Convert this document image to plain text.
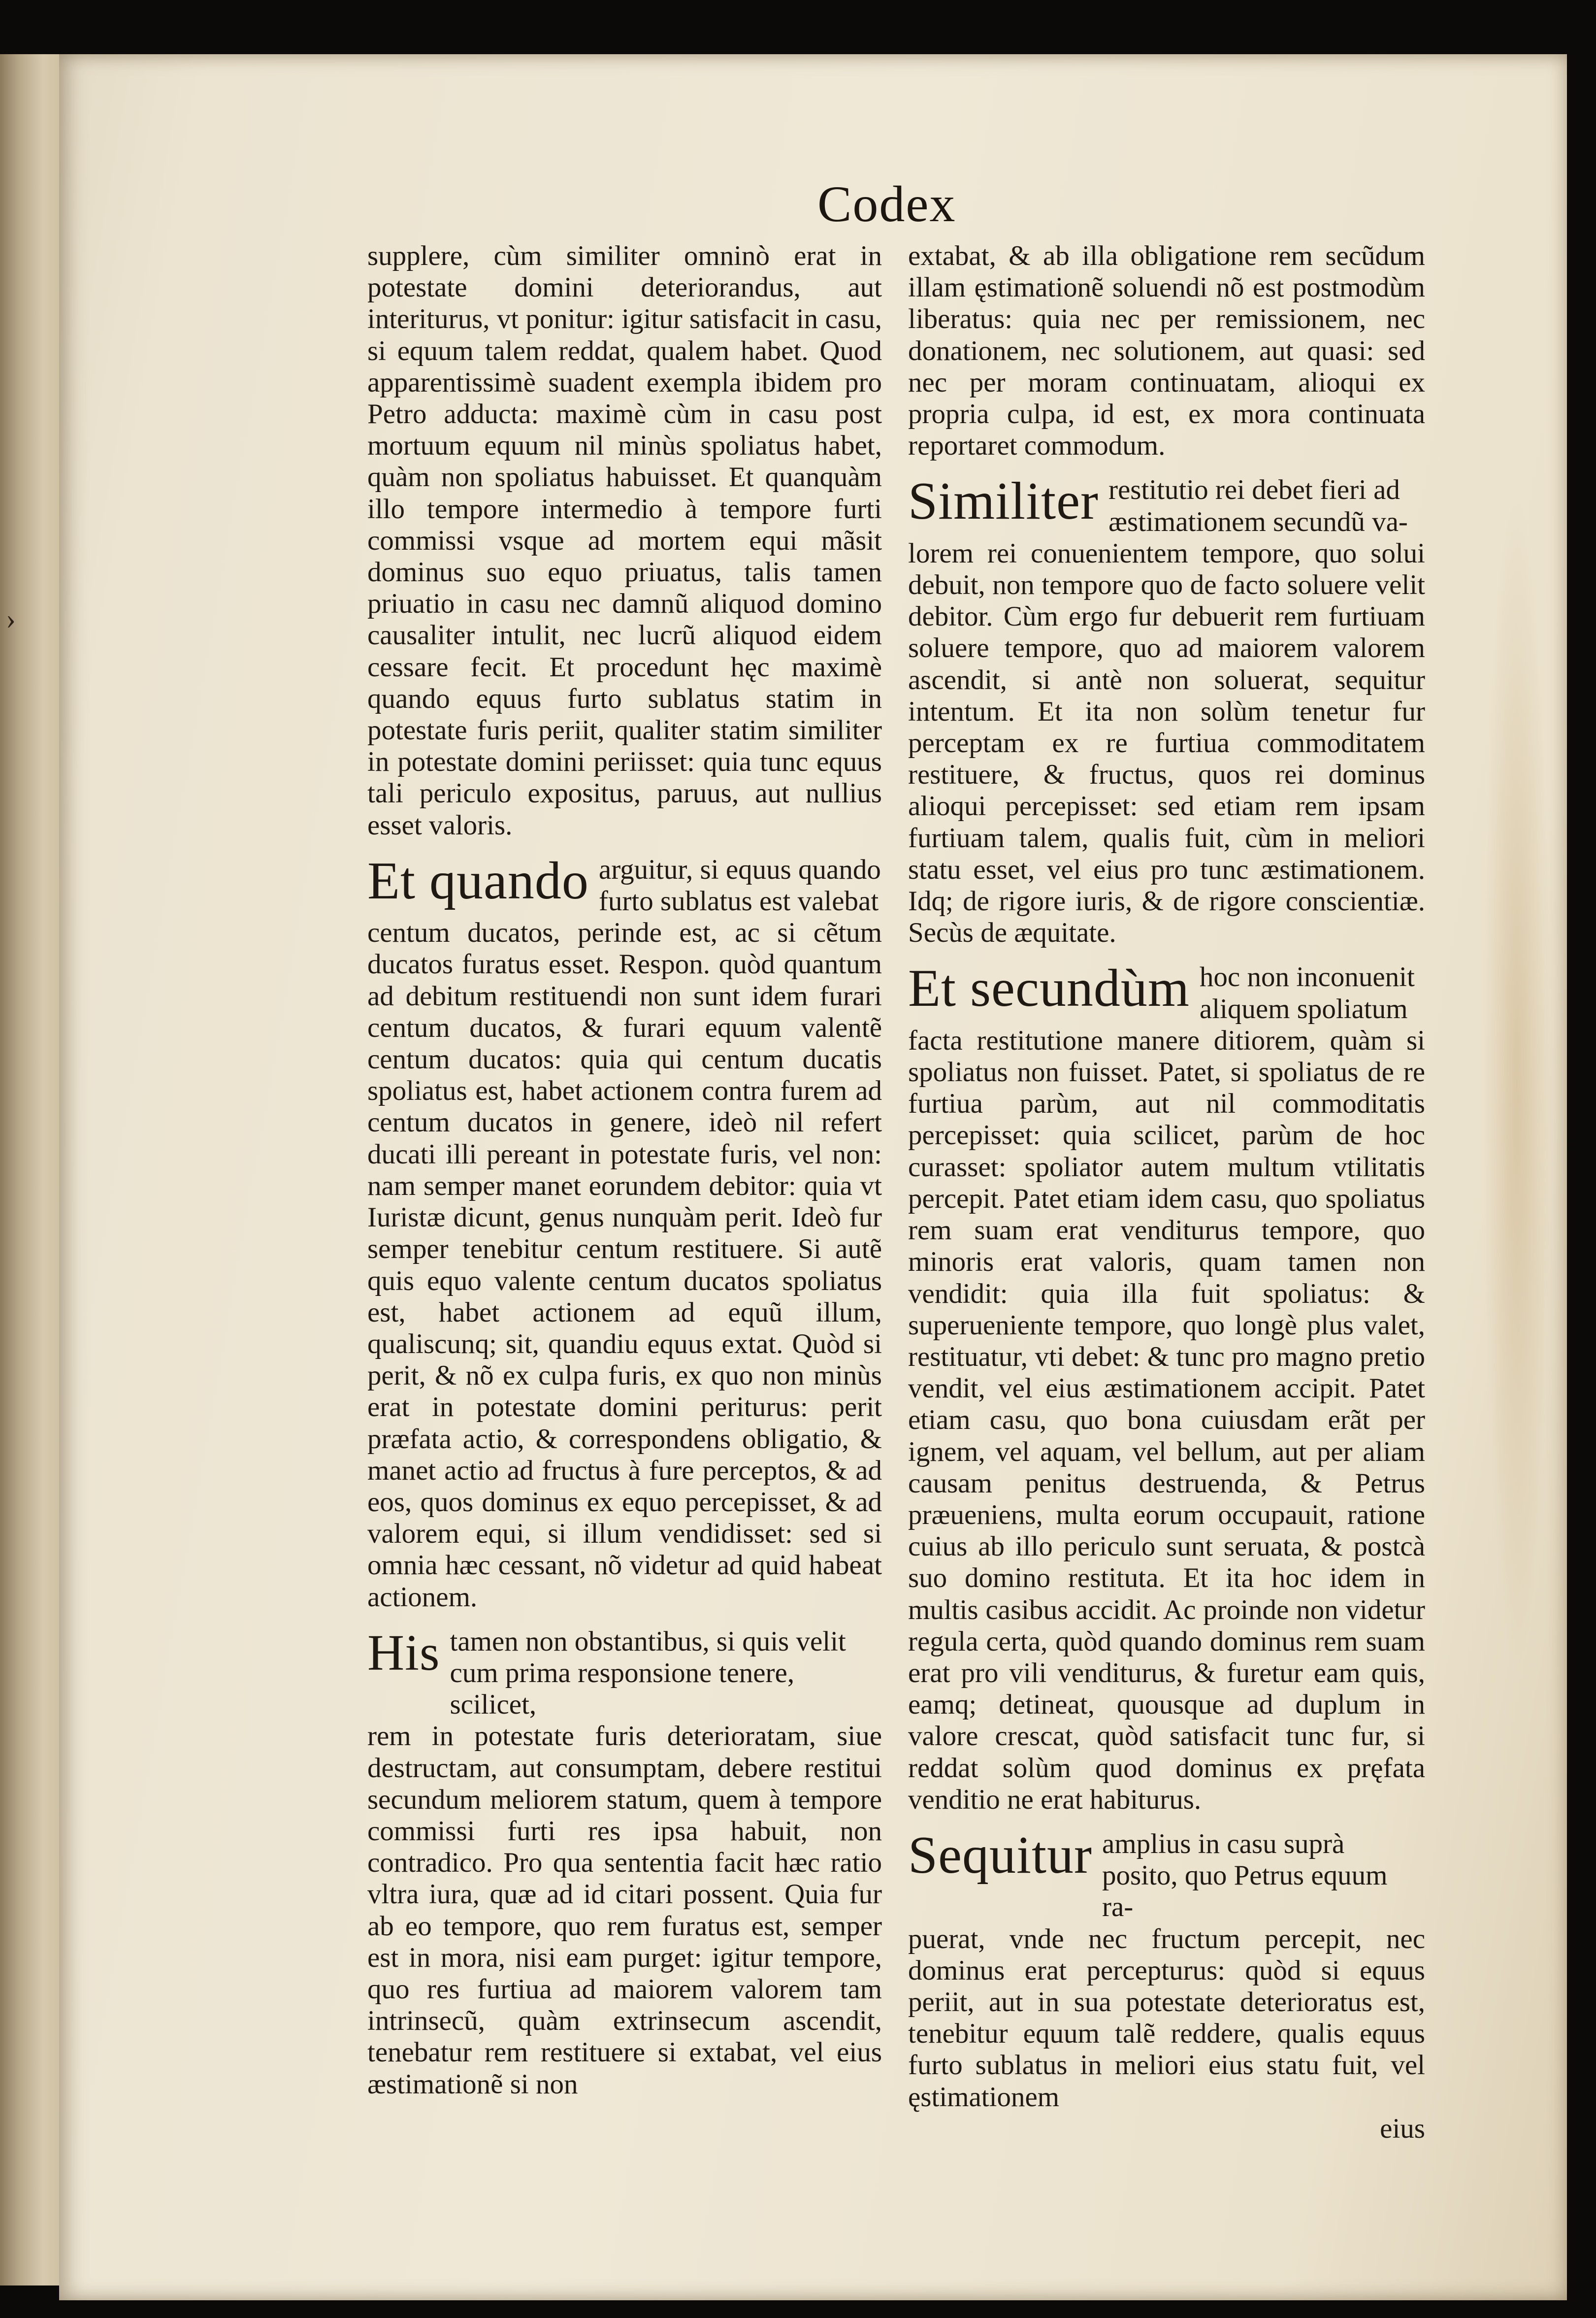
›
Codex

supplere, cùm similiter omninò erat in potestate domini deteriorandus, aut interiturus, vt ponitur: igitur satisfacit in casu, si equum talem reddat, qualem habet. Quod apparentissimè suadent exempla ibidem pro Petro adducta: maximè cùm in casu post mortuum equum nil minùs spoliatus habet, quàm non spoliatus habuisset. Et quanquàm illo tempore intermedio à tempore furti commissi vsque ad mortem equi mãsit dominus suo equo priuatus, talis tamen priuatio in casu nec damnũ aliquod domino causaliter intulit, nec lucrũ aliquod eidem cessare fecit. Et procedunt hęc maximè quando equus furto sublatus statim in potestate furis periit, qualiter statim similiter in potestate domini periisset: quia tunc equus tali periculo expositus, paruus, aut nullius esset valoris.

Et quando arguitur, si equus quando furto sublatus est valebat

centum ducatos, perinde est, ac si cẽtum ducatos furatus esset. Respon. quòd quantum ad debitum restituendi non sunt idem furari centum ducatos, & furari equum valentẽ centum ducatos: quia qui centum ducatis spoliatus est, habet actionem contra furem ad centum ducatos in genere, ideò nil refert ducati illi pereant in potestate furis, vel non: nam semper manet eorundem debitor: quia vt Iuristæ dicunt, genus nunquàm perit. Ideò fur semper tenebitur centum restituere. Si autẽ quis equo valente centum ducatos spoliatus est, habet actionem ad equũ illum, qualiscunq; sit, quandiu equus extat. Quòd si perit, & nõ ex culpa furis, ex quo non minùs erat in potestate domini periturus: perit præfata actio, & correspondens obligatio, & manet actio ad fructus à fure perceptos, & ad eos, quos dominus ex equo percepisset, & ad valorem equi, si illum vendidisset: sed si omnia hæc cessant, nõ videtur ad quid habeat actionem.

His tamen non obstantibus, si quis velit cum prima responsione tenere, scilicet,

rem in potestate furis deterioratam, siue destructam, aut consumptam, debere restitui secundum meliorem statum, quem à tempore commissi furti res ipsa habuit, non contradico. Pro qua sententia facit hæc ratio vltra iura, quæ ad id citari possent. Quia fur ab eo tempore, quo rem furatus est, semper est in mora, nisi eam purget: igitur tempore, quo res furtiua ad maiorem valorem tam intrinsecũ, quàm extrinsecum ascendit, tenebatur rem restituere si extabat, vel eius æstimationẽ si non

extabat, & ab illa obligatione rem secũdum illam ęstimationẽ soluendi nõ est postmodùm liberatus: quia nec per remissionem, nec donationem, nec solutionem, aut quasi: sed nec per moram continuatam, alioqui ex propria culpa, id est, ex mora continuata reportaret commodum.

Similiter restitutio rei debet fieri ad æstimationem secundũ va-

lorem rei conuenientem tempore, quo solui debuit, non tempore quo de facto soluere velit debitor. Cùm ergo fur debuerit rem furtiuam soluere tempore, quo ad maiorem valorem ascendit, si antè non soluerat, sequitur intentum. Et ita non solùm tenetur fur perceptam ex re furtiua commoditatem restituere, & fructus, quos rei dominus alioqui percepisset: sed etiam rem ipsam furtiuam talem, qualis fuit, cùm in meliori statu esset, vel eius pro tunc æstimationem. Idq; de rigore iuris, & de rigore conscientiæ. Secùs de æquitate.

Et secundùm hoc non inconuenit aliquem spoliatum

facta restitutione manere ditiorem, quàm si spoliatus non fuisset. Patet, si spoliatus de re furtiua parùm, aut nil commoditatis percepisset: quia scilicet, parùm de hoc curasset: spoliator autem multum vtilitatis percepit. Patet etiam idem casu, quo spoliatus rem suam erat venditurus tempore, quo minoris erat valoris, quam tamen non vendidit: quia illa fuit spoliatus: & superueniente tempore, quo longè plus valet, restituatur, vti debet: & tunc pro magno pretio vendit, vel eius æstimationem accipit. Patet etiam casu, quo bona cuiusdam erãt per ignem, vel aquam, vel bellum, aut per aliam causam penitus destruenda, & Petrus præueniens, multa eorum occupauit, ratione cuius ab illo periculo sunt seruata, & postcà suo domino restituta. Et ita hoc idem in multis casibus accidit. Ac proinde non videtur regula certa, quòd quando dominus rem suam erat pro vili venditurus, & furetur eam quis, eamq; detineat, quousque ad duplum in valore crescat, quòd satisfacit tunc fur, si reddat solùm quod dominus ex pręfata venditio ne erat habiturus.

Sequitur amplius in casu suprà posito, quo Petrus equum ra-

puerat, vnde nec fructum percepit, nec dominus erat percepturus: quòd si equus periit, aut in sua potestate deterioratus est, tenebitur equum talẽ reddere, qualis equus furto sublatus in meliori eius statu fuit, vel ęstimationem

eius
